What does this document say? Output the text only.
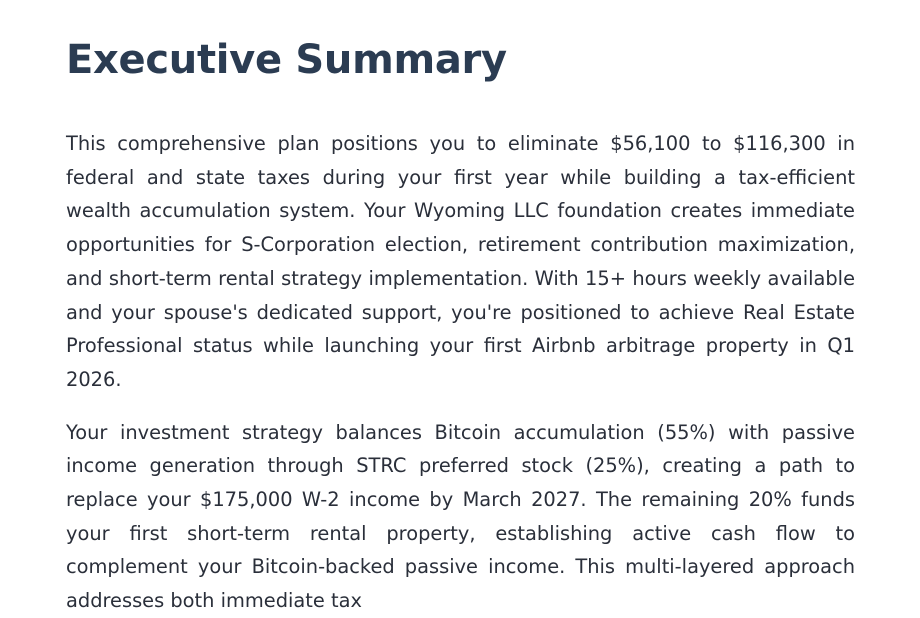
Executive Summary

This comprehensive plan positions you to eliminate $56,100 to $116,300 in federal and state taxes during your first year while building a tax-efficient wealth accumulation system. Your Wyoming LLC foundation creates immediate opportunities for S-Corporation election, retirement contribution maximization, and short-term rental strategy implementation. With 15+ hours weekly available and your spouse's dedicated support, you're positioned to achieve Real Estate Professional status while launching your first Airbnb arbitrage property in Q1 2026.

Your investment strategy balances Bitcoin accumulation (55%) with passive income generation through STRC preferred stock (25%), creating a path to replace your $175,000 W-2 income by March 2027. The remaining 20% funds your first short-term rental property, establishing active cash flow to complement your Bitcoin-backed passive income. This multi-layered approach addresses both immediate tax
